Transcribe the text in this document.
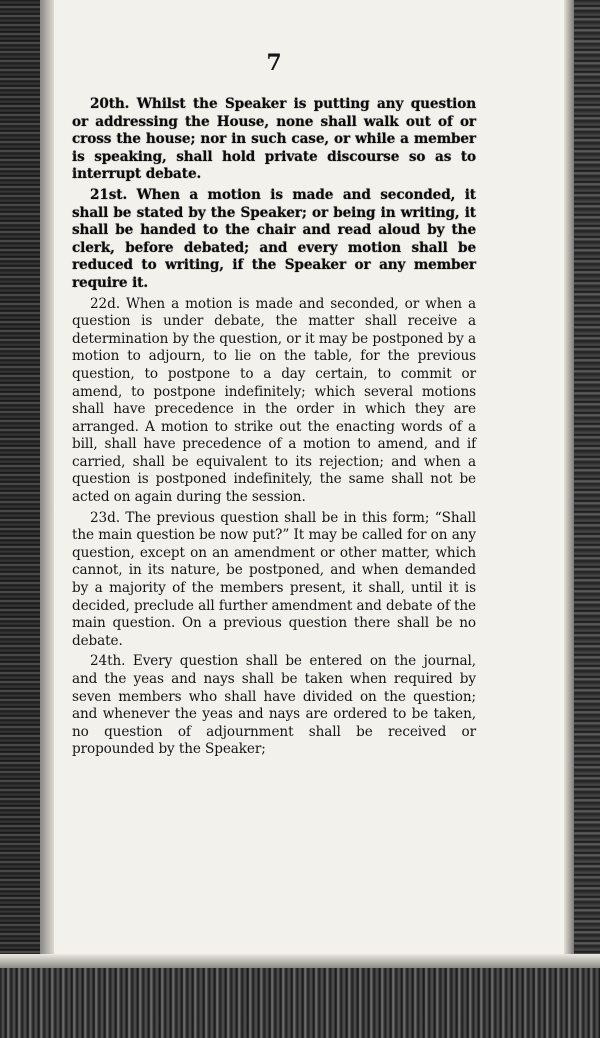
7

20th. Whilst the Speaker is putting any question or addressing the House, none shall walk out of or cross the house; nor in such case, or while a member is speaking, shall hold private discourse so as to interrupt debate.

21st. When a motion is made and seconded, it shall be stated by the Speaker; or being in writing, it shall be handed to the chair and read aloud by the clerk, before debated; and every motion shall be reduced to writing, if the Speaker or any member require it.

22d. When a motion is made and seconded, or when a question is under debate, the matter shall receive a determination by the question, or it may be postponed by a motion to adjourn, to lie on the table, for the previous question, to postpone to a day certain, to commit or amend, to postpone indefinitely; which several motions shall have precedence in the order in which they are arranged. A motion to strike out the enacting words of a bill, shall have precedence of a motion to amend, and if carried, shall be equivalent to its rejection; and when a question is postponed indefinitely, the same shall not be acted on again during the session.

23d. The previous question shall be in this form; “Shall the main question be now put?” It may be called for on any question, except on an amendment or other matter, which cannot, in its nature, be postponed, and when demanded by a majority of the members present, it shall, until it is decided, preclude all further amendment and debate of the main question. On a previous question there shall be no debate.

24th. Every question shall be entered on the journal, and the yeas and nays shall be taken when required by seven members who shall have divided on the question; and whenever the yeas and nays are ordered to be taken, no question of adjournment shall be received or propounded by the Speaker;
